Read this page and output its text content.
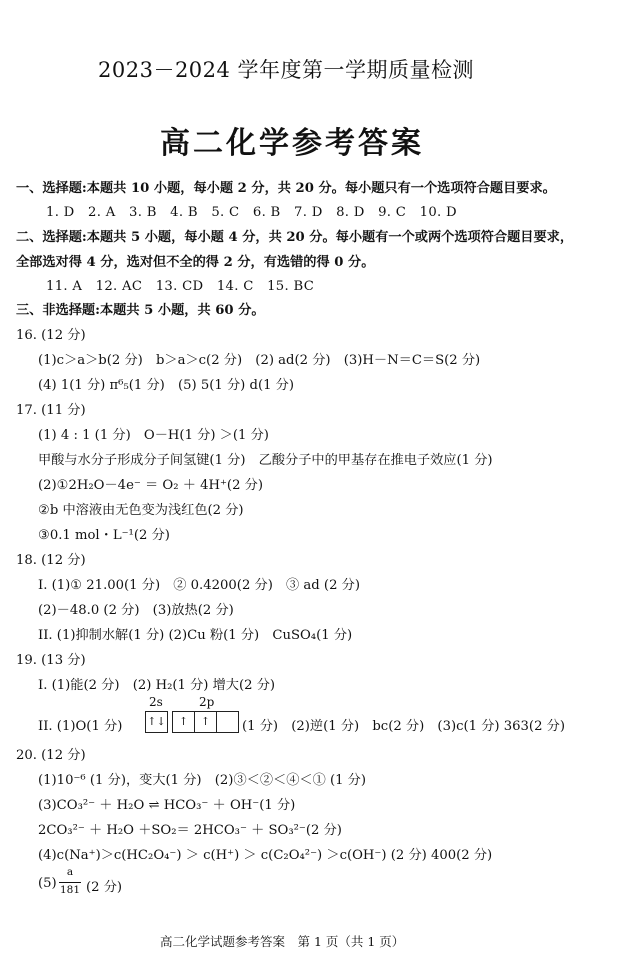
2023－2024 学年度第一学期质量检测
高二化学参考答案
一、选择题:本题共 10 小题，每小题 2 分，共 20 分。每小题只有一个选项符合题目要求。
1. D　2. A　3. B　4. B　5. C　6. B　7. D　8. D　9. C　10. D
二、选择题:本题共 5 小题，每小题 4 分，共 20 分。每小题有一个或两个选项符合题目要求，
全部选对得 4 分，选对但不全的得 2 分，有选错的得 0 分。
11. A　12. AC　13. CD　14. C　15. BC
三、非选择题:本题共 5 小题，共 60 分。
16. (12 分)
(1)c＞a＞b(2 分)　b＞a＞c(2 分)　(2) ad(2 分)　(3)H－N＝C＝S(2 分)
(4) 1(1 分) π⁶₅(1 分)　(5) 5(1 分) d(1 分)
17. (11 分)
(1) 4 : 1 (1 分)　O－H(1 分) ＞(1 分)
甲酸与水分子形成分子间氢键(1 分)　乙酸分子中的甲基存在推电子效应(1 分)
(2)①2H₂O－4e⁻ ＝ O₂ ＋ 4H⁺(2 分)
②b 中溶液由无色变为浅红色(2 分)
③0.1 mol・L⁻¹(2 分)
18. (12 分)
I. (1)① 21.00(1 分)　② 0.4200(2 分)　③ ad (2 分)
(2)－48.0 (2 分)　(3)放热(2 分)
II. (1)抑制水解(1 分) (2)Cu 粉(1 分)　CuSO₄(1 分)
19. (13 分)
I. (1)能(2 分)　(2) H₂(1 分) 增大(2 分)
II. (1)O(1 分)
2s	2p
↑↓	↑	↑	(1 分)　(2)逆(1 分)　bc(2 分)　(3)c(1 分) 363(2 分)
20. (12 分)
(1)10⁻⁶ (1 分)，变大(1 分)　(2)③＜②＜④＜① (1 分)
(3)CO₃²⁻ ＋ H₂O ⇌ HCO₃⁻ ＋ OH⁻(1 分)
2CO₃²⁻ ＋ H₂O ＋SO₂＝ 2HCO₃⁻ ＋ SO₃²⁻(2 分)
(4)c(Na⁺)＞c(HC₂O₄⁻) ＞ c(H⁺) ＞ c(C₂O₄²⁻) ＞c(OH⁻) (2 分) 400(2 分)
(5)
a
181 (2 分)
高二化学试题参考答案　第 1 页（共 1 页）
